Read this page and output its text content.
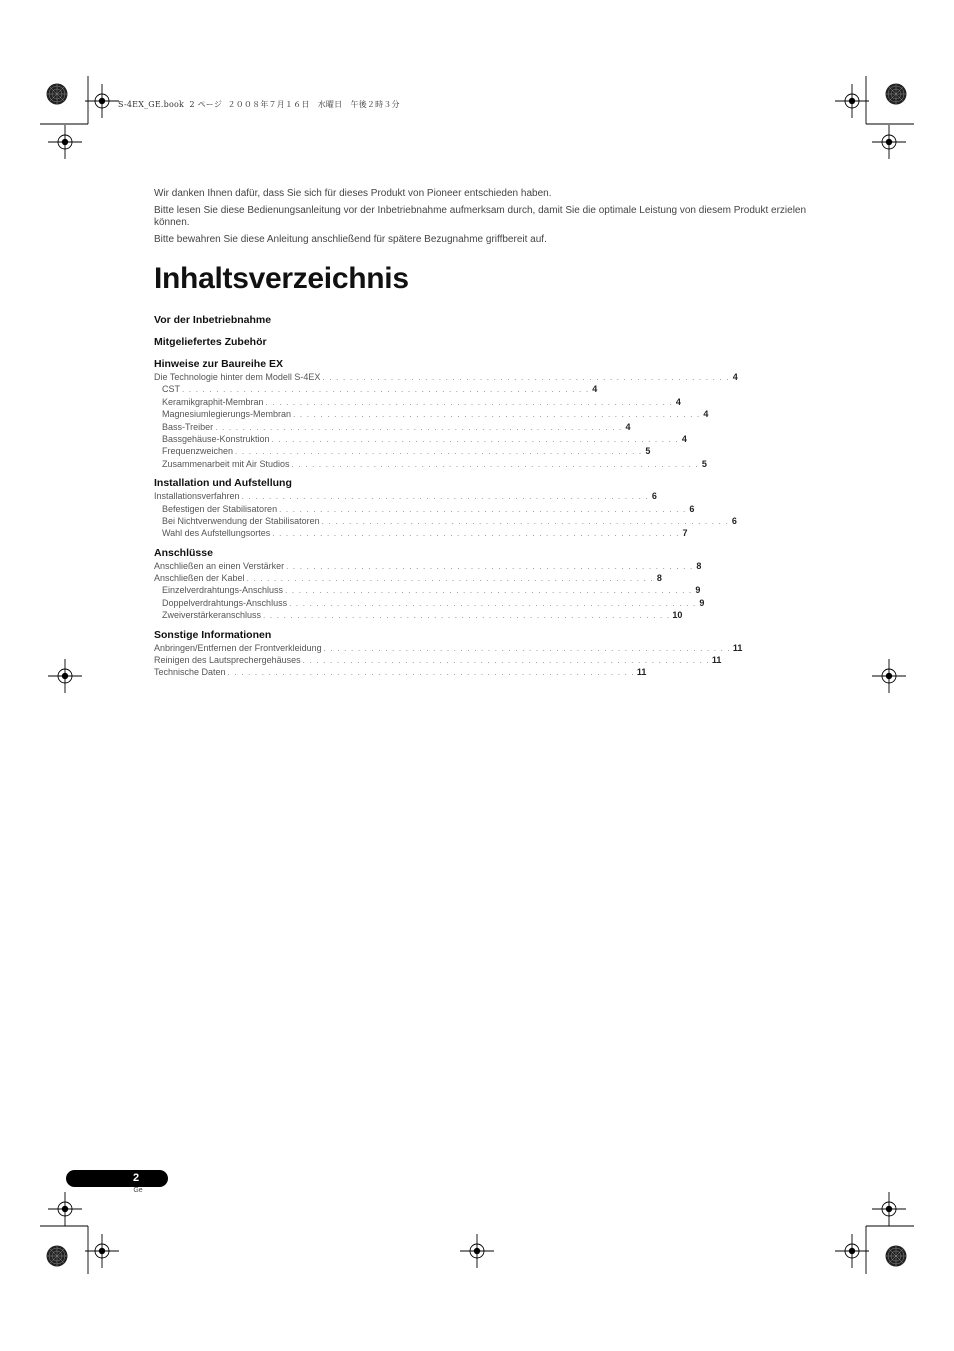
S-4EX_GE.book  2 ページ  ２００８年７月１６日　水曜日　午後２時３分

Wir danken Ihnen dafür, dass Sie sich für dieses Produkt von Pioneer entschieden haben.

Bitte lesen Sie diese Bedienungsanleitung vor der Inbetriebnahme aufmerksam durch, damit Sie die optimale Leistung von diesem Produkt erzielen können.

Bitte bewahren Sie diese Anleitung anschließend für spätere Bezugnahme griffbereit auf.

Inhaltsverzeichnis
Vor der Inbetriebnahme
Mitgeliefertes Zubehör
Hinweise zur Baureihe EX
Die Technologie hinter dem Modell S-4EX . . . . . . . . . . . . . . . . . . . . . . . . . . . . . . . . . . . . . . . . . . . . . . . . . . . . . . . . . . . . 4
CST . . . . . . . . . . . . . . . . . . . . . . . . . . . . . . . . . . . . . . . . . . . . . . . . . . . . . . . . . . . . 4
Keramikgraphit-Membran . . . . . . . . . . . . . . . . . . . . . . . . . . . . . . . . . . . . . . . . . . . . . . . . . . . . . . . . . . . . 4
Magnesiumlegierungs-Membran . . . . . . . . . . . . . . . . . . . . . . . . . . . . . . . . . . . . . . . . . . . . . . . . . . . . . . . . . . . . 4
Bass-Treiber . . . . . . . . . . . . . . . . . . . . . . . . . . . . . . . . . . . . . . . . . . . . . . . . . . . . . . . . . . . . 4
Bassgehäuse-Konstruktion . . . . . . . . . . . . . . . . . . . . . . . . . . . . . . . . . . . . . . . . . . . . . . . . . . . . . . . . . . . . 4
Frequenzweichen . . . . . . . . . . . . . . . . . . . . . . . . . . . . . . . . . . . . . . . . . . . . . . . . . . . . . . . . . . . . 5
Zusammenarbeit mit Air Studios . . . . . . . . . . . . . . . . . . . . . . . . . . . . . . . . . . . . . . . . . . . . . . . . . . . . . . . . . . . . 5
Installation und Aufstellung
Installationsverfahren . . . . . . . . . . . . . . . . . . . . . . . . . . . . . . . . . . . . . . . . . . . . . . . . . . . . . . . . . . . . 6
Befestigen der Stabilisatoren . . . . . . . . . . . . . . . . . . . . . . . . . . . . . . . . . . . . . . . . . . . . . . . . . . . . . . . . . . . . 6
Bei Nichtverwendung der Stabilisatoren . . . . . . . . . . . . . . . . . . . . . . . . . . . . . . . . . . . . . . . . . . . . . . . . . . . . . . . . . . . . 6
Wahl des Aufstellungsortes . . . . . . . . . . . . . . . . . . . . . . . . . . . . . . . . . . . . . . . . . . . . . . . . . . . . . . . . . . . . 7
Anschlüsse
Anschließen an einen Verstärker . . . . . . . . . . . . . . . . . . . . . . . . . . . . . . . . . . . . . . . . . . . . . . . . . . . . . . . . . . . . 8
Anschließen der Kabel . . . . . . . . . . . . . . . . . . . . . . . . . . . . . . . . . . . . . . . . . . . . . . . . . . . . . . . . . . . . 8
Einzelverdrahtungs-Anschluss . . . . . . . . . . . . . . . . . . . . . . . . . . . . . . . . . . . . . . . . . . . . . . . . . . . . . . . . . . . . 9
Doppelverdrahtungs-Anschluss . . . . . . . . . . . . . . . . . . . . . . . . . . . . . . . . . . . . . . . . . . . . . . . . . . . . . . . . . . . . 9
Zweiverstärkeranschluss . . . . . . . . . . . . . . . . . . . . . . . . . . . . . . . . . . . . . . . . . . . . . . . . . . . . . . . . . . . . 10
Sonstige Informationen
Anbringen/Entfernen der Frontverkleidung . . . . . . . . . . . . . . . . . . . . . . . . . . . . . . . . . . . . . . . . . . . . . . . . . . . . . . . . . . . . 11
Reinigen des Lautsprechergehäuses . . . . . . . . . . . . . . . . . . . . . . . . . . . . . . . . . . . . . . . . . . . . . . . . . . . . . . . . . . . . 11
Technische Daten . . . . . . . . . . . . . . . . . . . . . . . . . . . . . . . . . . . . . . . . . . . . . . . . . . . . . . . . . . . . 11
2
Ge
